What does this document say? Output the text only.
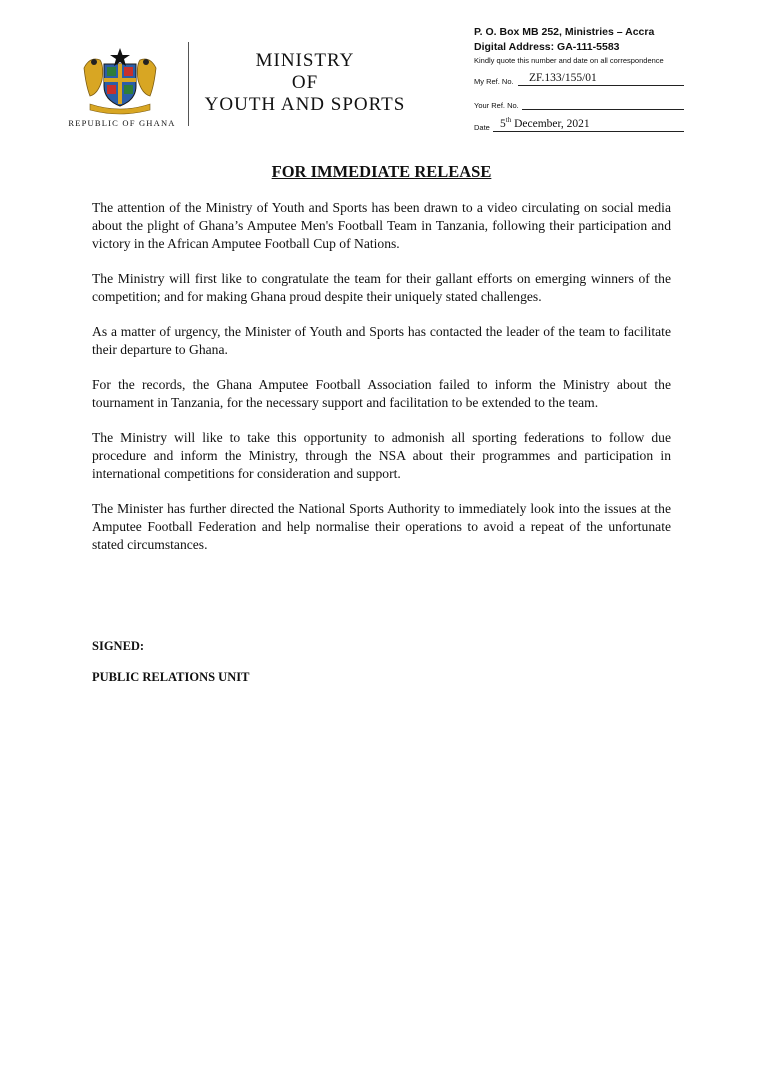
REPUBLIC OF GHANA
MINISTRY
OF
YOUTH AND SPORTS
P. O. Box MB 252, Ministries – Accra
Digital Address: GA-111-5583
Kindly quote this number and date on all correspondence
My Ref. No. ZF.133/155/01
Your Ref. No.
Date 5th December, 2021
FOR IMMEDIATE RELEASE

The attention of the Ministry of Youth and Sports has been drawn to a video circulating on social media about the plight of Ghana’s Amputee Men's Football Team in Tanzania, following their participation and victory in the African Amputee Football Cup of Nations.

The Ministry will first like to congratulate the team for their gallant efforts on emerging winners of the competition; and for making Ghana proud despite their uniquely stated challenges.

As a matter of urgency, the Minister of Youth and Sports has contacted the leader of the team to facilitate their departure to Ghana.

For the records, the Ghana Amputee Football Association failed to inform the Ministry about the tournament in Tanzania, for the necessary support and facilitation to be extended to the team.

The Ministry will like to take this opportunity to admonish all sporting federations to follow due procedure and inform the Ministry, through the NSA about their programmes and participation in international competitions for consideration and support.

The Minister has further directed the National Sports Authority to immediately look into the issues at the Amputee Football Federation and help normalise their operations to avoid a repeat of the unfortunate stated circumstances.

SIGNED:
PUBLIC RELATIONS UNIT
